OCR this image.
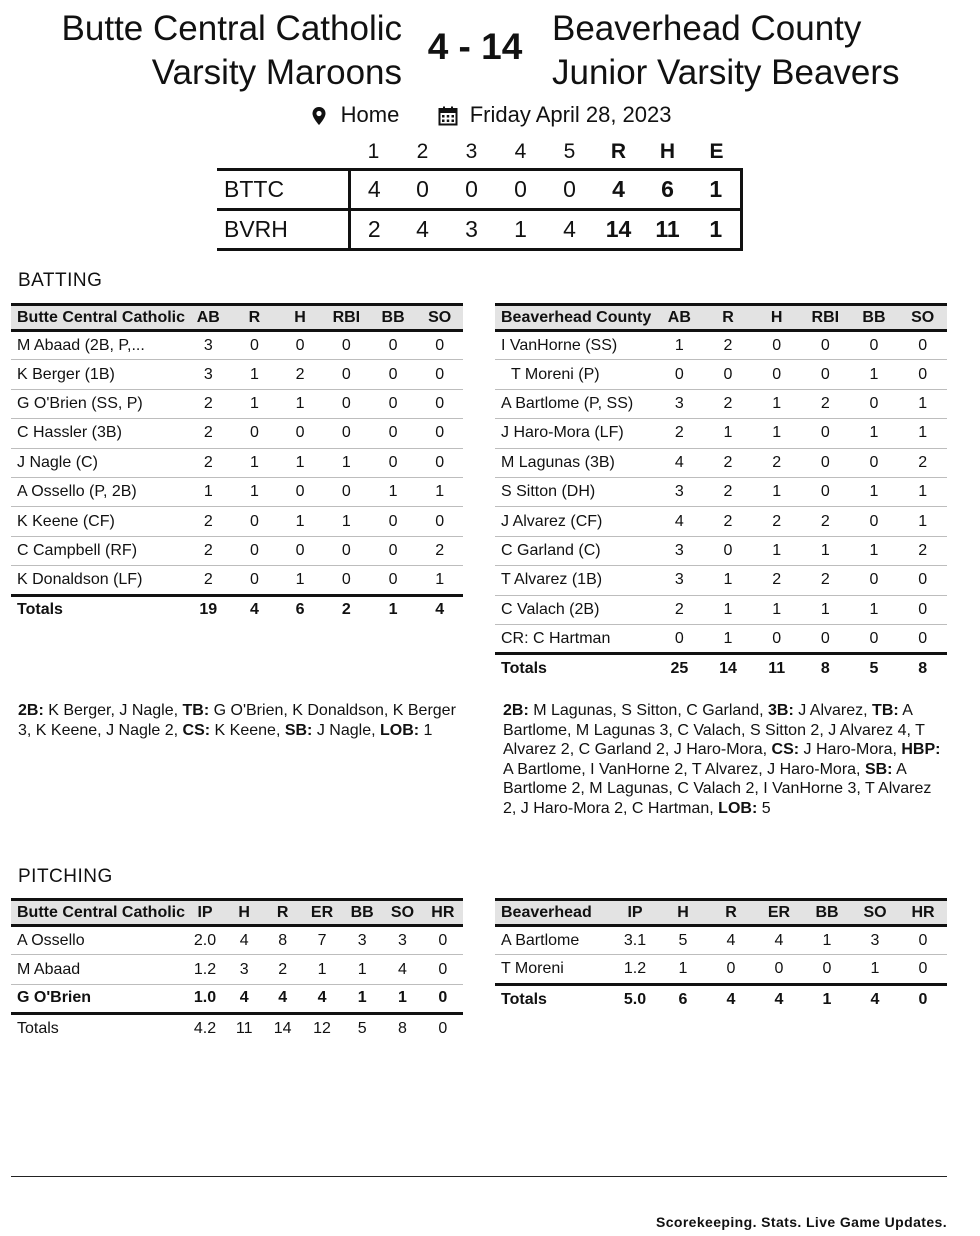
Butte Central Catholic
Varsity Maroons
4 - 14 Beaverhead County
Junior Varsity Beavers
Home	Friday April 28, 2023
	1	2	3	4	5	R	H	E
BTTC	4	0	0	0	0	4	6	1
BVRH	2	4	3	1	4	14	11	1
BATTING
Butte Central Catholic	AB	R	H	RBI	BB	SO
M Abaad (2B, P,...	3	0	0	0	0	0
K Berger (1B)	3	1	2	0	0	0
G O'Brien (SS, P)	2	1	1	0	0	0
C Hassler (3B)	2	0	0	0	0	0
J Nagle (C)	2	1	1	1	0	0
A Ossello (P, 2B)	1	1	0	0	1	1
K Keene (CF)	2	0	1	1	0	0
C Campbell (RF)	2	0	0	0	0	2
K Donaldson (LF)	2	0	1	0	0	1
Totals	19	4	6	2	1	4
Beaverhead County	AB	R	H	RBI	BB	SO
I VanHorne (SS)	1	2	0	0	0	0
T Moreni (P)	0	0	0	0	1	0
A Bartlome (P, SS)	3	2	1	2	0	1
J Haro-Mora (LF)	2	1	1	0	1	1
M Lagunas (3B)	4	2	2	0	0	2
S Sitton (DH)	3	2	1	0	1	1
J Alvarez (CF)	4	2	2	2	0	1
C Garland (C)	3	0	1	1	1	2
T Alvarez (1B)	3	1	2	2	0	0
C Valach (2B)	2	1	1	1	1	0
CR: C Hartman	0	1	0	0	0	0
Totals	25	14	11	8	5	8
2B: K Berger, J Nagle, TB: G O'Brien, K Donaldson, K Berger 3, K Keene, J Nagle 2, CS: K Keene, SB: J Nagle, LOB: 1
2B: M Lagunas, S Sitton, C Garland, 3B: J Alvarez, TB: A Bartlome, M Lagunas 3, C Valach, S Sitton 2, J Alvarez 4, T Alvarez 2, C Garland 2, J Haro-Mora, CS: J Haro-Mora, HBP: A Bartlome, I VanHorne 2, T Alvarez, J Haro-Mora, SB: A Bartlome 2, M Lagunas, C Valach 2, I VanHorne 3, T Alvarez 2, J Haro-Mora 2, C Hartman, LOB: 5
PITCHING
Butte Central Catholic	IP	H	R	ER	BB	SO	HR
A Ossello	2.0	4	8	7	3	3	0
M Abaad	1.2	3	2	1	1	4	0
G O'Brien	1.0	4	4	4	1	1	0
Totals	4.2	11	14	12	5	8	0
Beaverhead	IP	H	R	ER	BB	SO	HR
A Bartlome	3.1	5	4	4	1	3	0
T Moreni	1.2	1	0	0	0	1	0
Totals	5.0	6	4	4	1	4	0
Scorekeeping. Stats. Live Game Updates.
